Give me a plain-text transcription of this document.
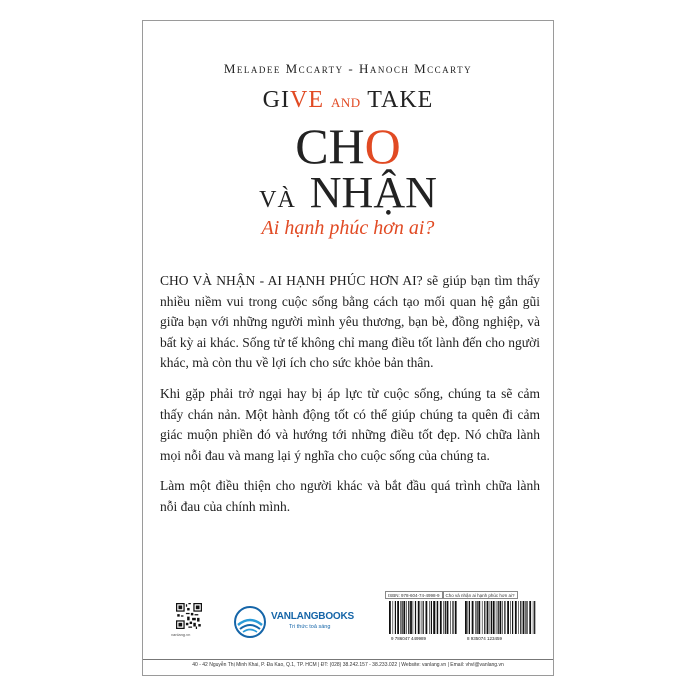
Meladee Mccarty - Hanoch Mccarty
GIVE AND TAKE
CHO
VÀ NHẬN
Ai hạnh phúc hơn ai?

CHO VÀ NHẬN - AI HẠNH PHÚC HƠN AI? sẽ giúp bạn tìm thấy nhiều niềm vui trong cuộc sống bằng cách tạo mối quan hệ gắn gũi giữa bạn với những người mình yêu thương, bạn bè, đồng nghiệp, và bất kỳ ai khác. Sống tử tế không chỉ mang điều tốt lành đến cho người khác, mà còn thu về lợi ích cho sức khỏe bản thân.

Khi gặp phải trở ngại hay bị áp lực từ cuộc sống, chúng ta sẽ cảm thấy chán nản. Một hành động tốt có thể giúp chúng ta quên đi cảm giác muộn phiền đó và hướng tới những điều tốt đẹp. Nó chữa lành mọi nỗi đau và mang lại ý nghĩa cho cuộc sống của chúng ta.

Làm một điều thiện cho người khác và bắt đầu quá trình chữa lành nỗi đau của chính mình.

vanlang.vn
VANLANGBOOKS
Tri thức toả sáng
ISBN: 978-604-74-4998-9	Cho và nhận ai hạnh phúc hơn ai?
9 786047 449989	8 935074 123459
40 - 42 Nguyễn Thị Minh Khai, P. Đa Kao, Q.1, TP. HCM | ĐT: (028) 38.242.157 - 38.233.022 | Website: vanlang.vn | Email: vhvl@vanlang.vn
